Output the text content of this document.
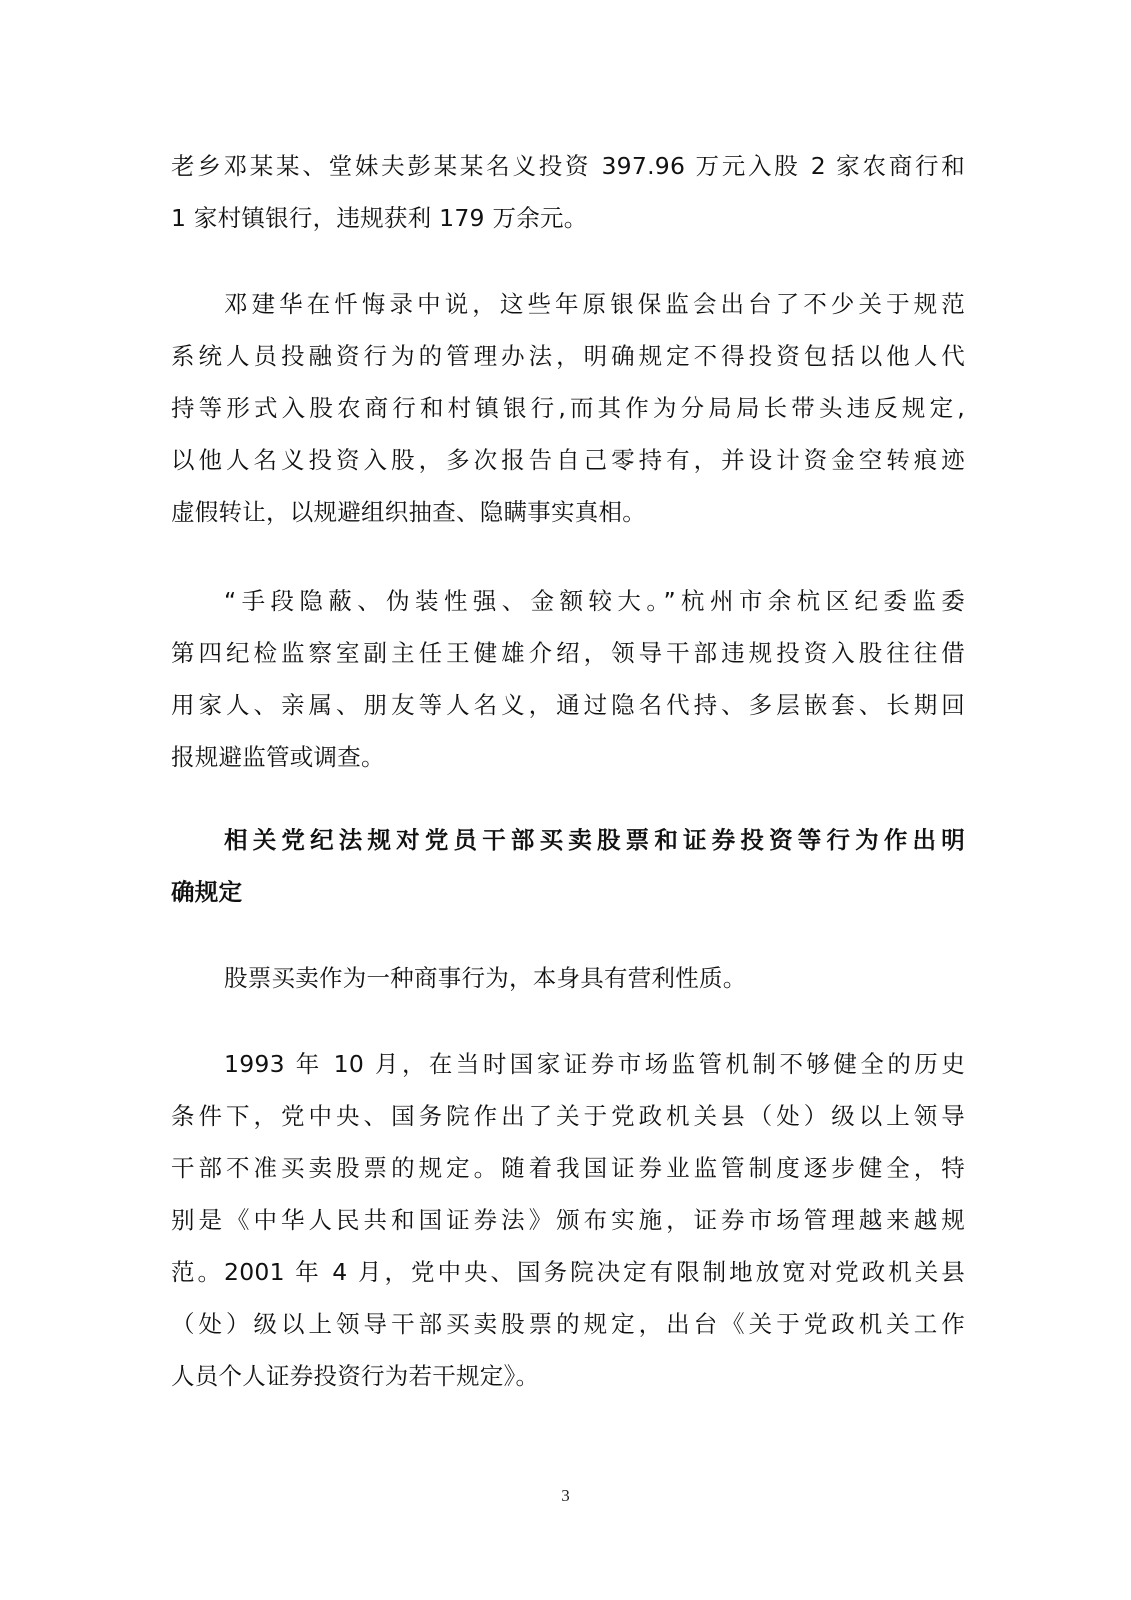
老乡邓某某、堂妹夫彭某某名义投资 397.96 万元入股 2 家农商行和
1 家村镇银行，违规获利 179 万余元。
邓建华在忏悔录中说，这些年原银保监会出台了不少关于规范
系统人员投融资行为的管理办法，明确规定不得投资包括以他人代
持等形式入股农商行和村镇银行,而其作为分局局长带头违反规定,
以他人名义投资入股，多次报告自己零持有，并设计资金空转痕迹
虚假转让，以规避组织抽查、隐瞒事实真相。
“手段隐蔽、伪装性强、金额较大。”杭州市余杭区纪委监委
第四纪检监察室副主任王健雄介绍，领导干部违规投资入股往往借
用家人、亲属、朋友等人名义，通过隐名代持、多层嵌套、长期回
报规避监管或调查。
相关党纪法规对党员干部买卖股票和证券投资等行为作出明
确规定
股票买卖作为一种商事行为，本身具有营利性质。
1993 年 10 月，在当时国家证券市场监管机制不够健全的历史
条件下，党中央、国务院作出了关于党政机关县（处）级以上领导
干部不准买卖股票的规定。随着我国证券业监管制度逐步健全，特
别是《中华人民共和国证券法》颁布实施，证券市场管理越来越规
范。2001 年 4 月，党中央、国务院决定有限制地放宽对党政机关县
（处）级以上领导干部买卖股票的规定，出台《关于党政机关工作
人员个人证券投资行为若干规定》。
3
